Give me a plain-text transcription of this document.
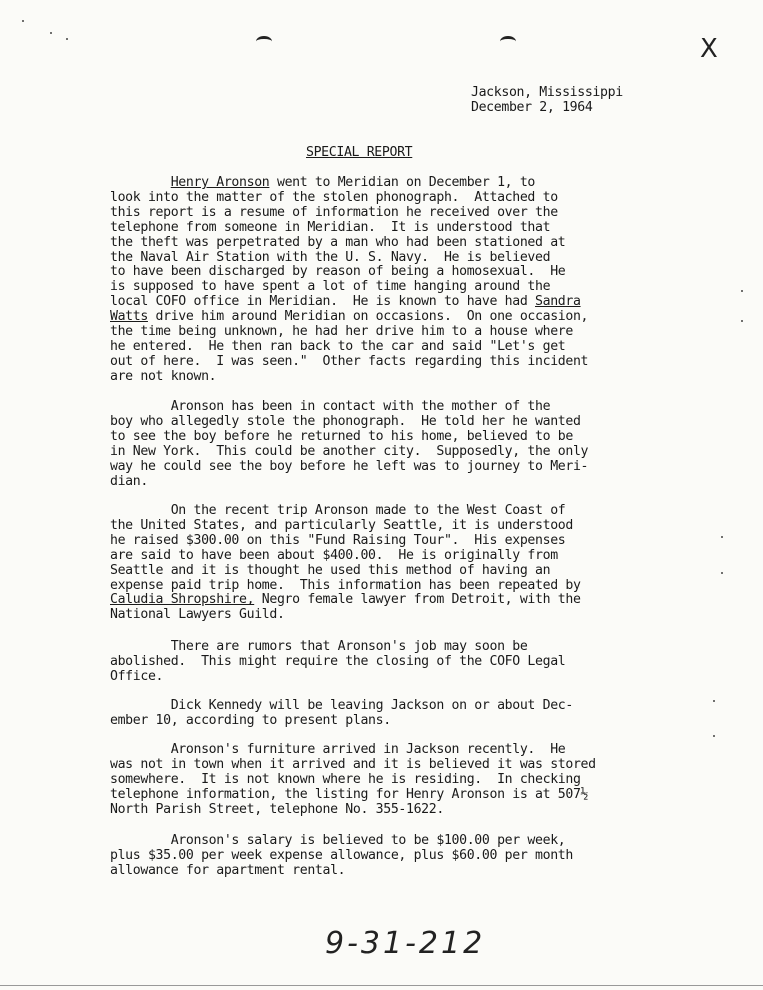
X
Jackson, Mississippi
December 2, 1964
SPECIAL REPORT
Henry Aronson went to Meridian on December 1, to
look into the matter of the stolen phonograph.  Attached to
this report is a resume of information he received over the
telephone from someone in Meridian.  It is understood that
the theft was perpetrated by a man who had been stationed at
the Naval Air Station with the U. S. Navy.  He is believed
to have been discharged by reason of being a homosexual.  He
is supposed to have spent a lot of time hanging around the
local COFO office in Meridian.  He is known to have had Sandra
Watts drive him around Meridian on occasions.  On one occasion,
the time being unknown, he had her drive him to a house where
he entered.  He then ran back to the car and said "Let's get
out of here.  I was seen."  Other facts regarding this incident
are not known.
Aronson has been in contact with the mother of the
boy who allegedly stole the phonograph.  He told her he wanted
to see the boy before he returned to his home, believed to be
in New York.  This could be another city.  Supposedly, the only
way he could see the boy before he left was to journey to Meri-
dian.
On the recent trip Aronson made to the West Coast of
the United States, and particularly Seattle, it is understood
he raised $300.00 on this "Fund Raising Tour".  His expenses
are said to have been about $400.00.  He is originally from
Seattle and it is thought he used this method of having an
expense paid trip home.  This information has been repeated by
Caludia Shropshire, Negro female lawyer from Detroit, with the
National Lawyers Guild.
There are rumors that Aronson's job may soon be
abolished.  This might require the closing of the COFO Legal
Office.
Dick Kennedy will be leaving Jackson on or about Dec-
ember 10, according to present plans.
Aronson's furniture arrived in Jackson recently.  He
was not in town when it arrived and it is believed it was stored
somewhere.  It is not known where he is residing.  In checking
telephone information, the listing for Henry Aronson is at 507½
North Parish Street, telephone No. 355-1622.
Aronson's salary is believed to be $100.00 per week,
plus $35.00 per week expense allowance, plus $60.00 per month
allowance for apartment rental.
9-31-212
